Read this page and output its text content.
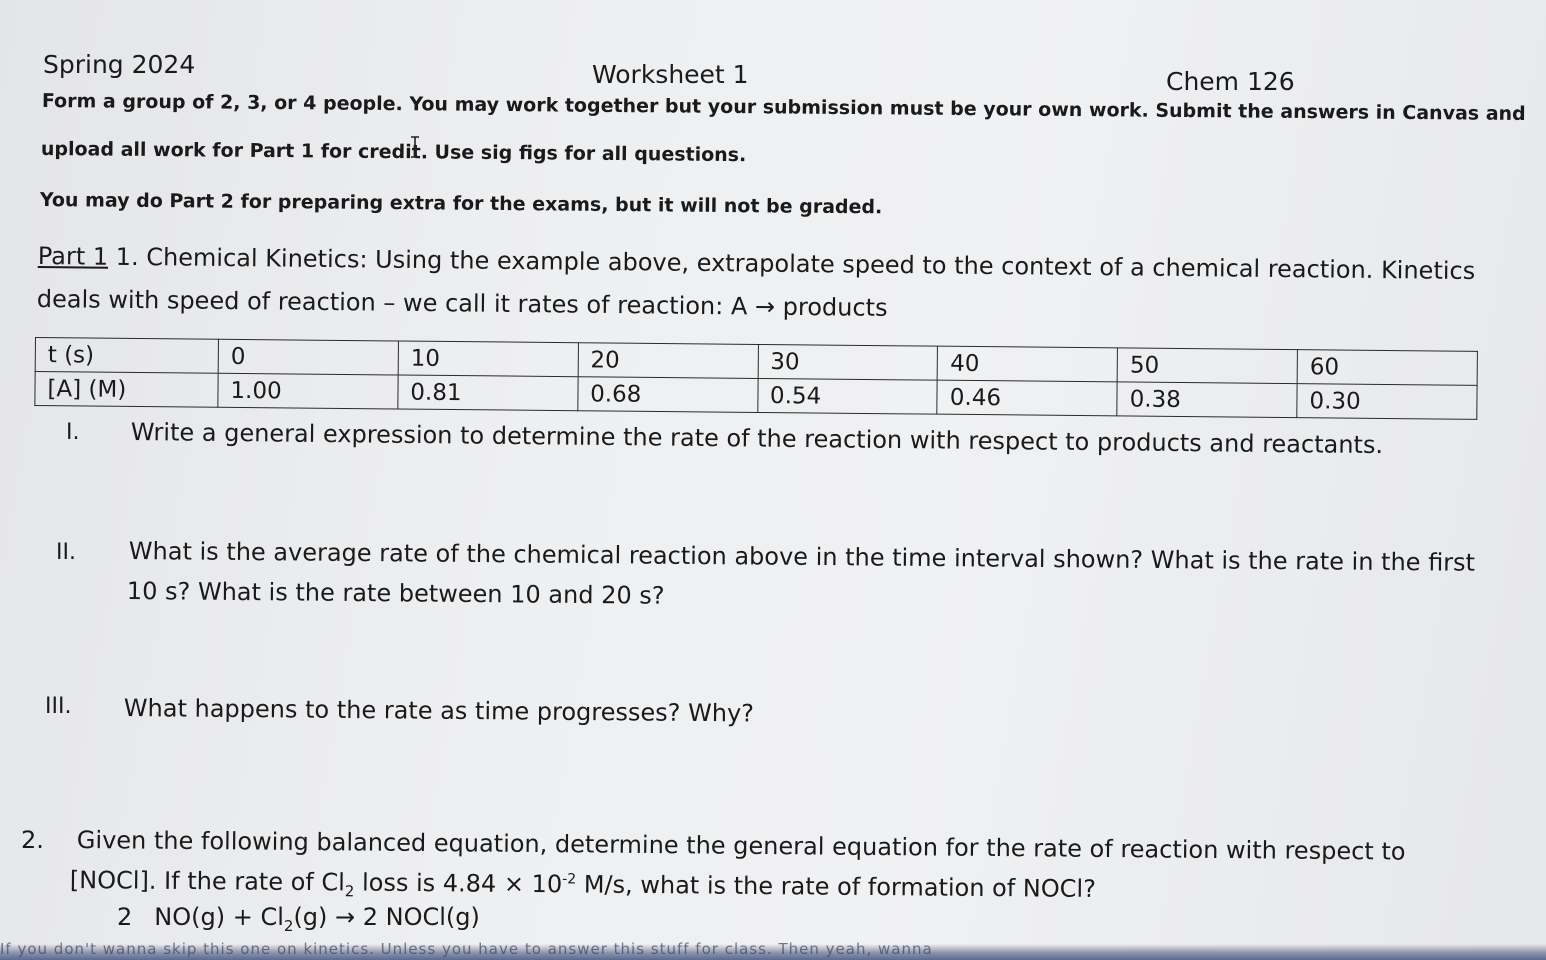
Spring 2024	Worksheet 1	Chem 126
Form a group of 2, 3, or 4 people. You may work together but your submission must be your own work. Submit the answers in Canvas and
upload all work for Part 1 for credit. Use sig figs for all questions.
You may do Part 2 for preparing extra for the exams, but it will not be graded.
Part 1 1. Chemical Kinetics: Using the example above, extrapolate speed to the context of a chemical reaction. Kinetics
deals with speed of reaction – we call it rates of reaction: A → products
t (s)	0	10	20	30	40	50	60
[A] (M)	1.00	0.81	0.68	0.54	0.46	0.38	0.30
I. Write a general expression to determine the rate of the reaction with respect to products and reactants.
II. What is the average rate of the chemical reaction above in the time interval shown? What is the rate in the first
10 s? What is the rate between 10 and 20 s?
III. What happens to the rate as time progresses? Why?
2. Given the following balanced equation, determine the general equation for the rate of reaction with respect to
[NOCl]. If the rate of $Cl_2$ loss is $4.84 \times 10^{-2}$ M/s, what is the rate of formation of NOCl?
2 $NO(g) + Cl_2(g) \to 2$ NOCl(g)
If you don't wanna skip this one on kinetics. Unless you have to answer this stuff for class. Then yeah, wanna
